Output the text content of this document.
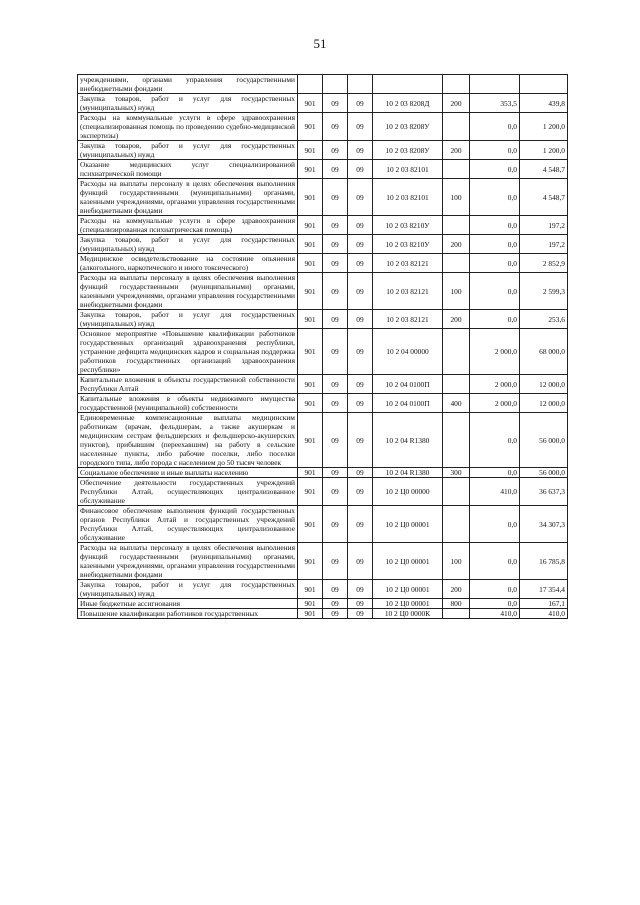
51
учреждениями, органами управления государственными внебюджетными фондами							
Закупка товаров, работ и услуг для государственных (муниципальных) нужд	901	09	09	10 2 03 8208Д	200	353,5	439,8
Расходы на коммунальные услуги в сфере здравоохранения (специализированная помощь по проведению судебно-медицинской экспертизы)	901	09	09	10 2 03 8208У		0,0	1 200,0
Закупка товаров, работ и услуг для государственных (муниципальных) нужд	901	09	09	10 2 03 8208У	200	0,0	1 200,0
Оказание медицинских услуг специализированной психиатрической помощи	901	09	09	10 2 03 82101		0,0	4 548,7
Расходы на выплаты персоналу в целях обеспечения выполнения функций государственными (муниципальными) органами, казенными учреждениями, органами управления государственными внебюджетными фондами	901	09	09	10 2 03 82101	100	0,0	4 548,7
Расходы на коммунальные услуги в сфере здравоохранения (специализированная психиатрическая помощь)	901	09	09	10 2 03 8210У		0,0	197,2
Закупка товаров, работ и услуг для государственных (муниципальных) нужд	901	09	09	10 2 03 8210У	200	0,0	197,2
Медицинское освидетельствование на состояние опьянения (алкогольного, наркотического и иного токсического)	901	09	09	10 2 03 82121		0,0	2 852,9
Расходы на выплаты персоналу в целях обеспечения выполнения функций государственными (муниципальными) органами, казенными учреждениями, органами управления государственными внебюджетными фондами	901	09	09	10 2 03 82121	100	0,0	2 599,3
Закупка товаров, работ и услуг для государственных (муниципальных) нужд	901	09	09	10 2 03 82121	200	0,0	253,6
Основное мероприятие «Повышение квалификации работников государственных организаций здравоохранения республики, устранение дефицита медицинских кадров и социальная поддержка работников государственных организаций здравоохранения республики»	901	09	09	10 2 04 00000		2 000,0	68 000,0
Капитальные вложения в объекты государственной собственности Республики Алтай	901	09	09	10 2 04 0100П		2 000,0	12 000,0
Капитальные вложения в объекты недвижимого имущества государственной (муниципальной) собственности	901	09	09	10 2 04 0100П	400	2 000,0	12 000,0
Единовременные компенсационные выплаты медицинским работникам (врачам, фельдшерам, а также акушеркам и медицинским сестрам фельдшерских и фельдшерско-акушерских пунктов), прибывшим (переехавшим) на работу в сельские населенные пункты, либо рабочие поселки, либо поселки городского типа, либо города с населением до 50 тысяч человек	901	09	09	10 2 04 R1380		0,0	56 000,0
Социальное обеспечение и иные выплаты населению	901	09	09	10 2 04 R1380	300	0,0	56 000,0
Обеспечение деятельности государственных учреждений Республики Алтай, осуществляющих централизованное обслуживание	901	09	09	10 2 Ц0 00000		410,0	36 637,3
Финансовое обеспечение выполнения функций государственных органов Республики Алтай и государственных учреждений Республики Алтай, осуществляющих централизованное обслуживание	901	09	09	10 2 Ц0 00001		0,0	34 307,3
Расходы на выплаты персоналу в целях обеспечения выполнения функций государственными (муниципальными) органами, казенными учреждениями, органами управления государственными внебюджетными фондами	901	09	09	10 2 Ц0 00001	100	0,0	16 785,8
Закупка товаров, работ и услуг для государственных (муниципальных) нужд	901	09	09	10 2 Ц0 00001	200	0,0	17 354,4
Иные бюджетные ассигнования	901	09	09	10 2 Ц0 00001	800	0,0	167,1
Повышение квалификации работников государственных	901	09	09	10 2 Ц0 0000К		410,0	410,0
